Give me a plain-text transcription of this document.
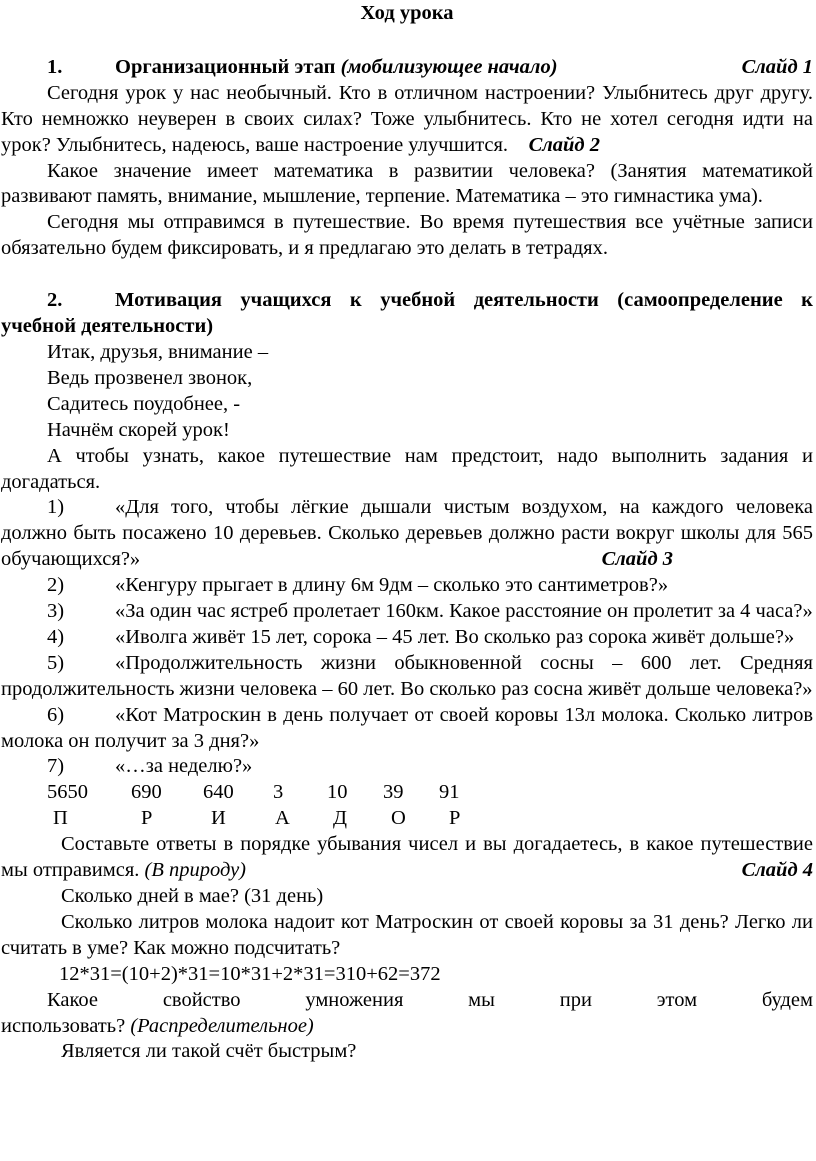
Ход урока
1.	Организационный этап (мобилизующее начало)	Слайд 1

Сегодня урок у нас необычный. Кто в отличном настроении? Улыбнитесь друг другу. Кто немножко неуверен в своих силах? Тоже улыбнитесь. Кто не хотел сегодня идти на урок? Улыбнитесь, надеюсь, ваше настроение улучшится. Слайд 2

Какое значение имеет математика в развитии человека? (Занятия математикой развивают память, внимание, мышление, терпение. Математика – это гимнастика ума).

Сегодня мы отправимся в путешествие. Во время путешествия все учётные записи обязательно будем фиксировать, и я предлагаю это делать в тетрадях.

2.	Мотивация учащихся к учебной деятельности (самоопределение к учебной деятельности)

Итак, друзья, внимание –
Ведь прозвенел звонок,
Садитесь поудобнее, -
Начнём скорей урок!

А чтобы узнать, какое путешествие нам предстоит, надо выполнить задания и догадаться.

1) «Для того, чтобы лёгкие дышали чистым воздухом, на каждого человека должно быть посажено 10 деревьев. Сколько деревьев должно расти вокруг школы для 565 обучающихся?»	Слайд 3

2) «Кенгуру прыгает в длину 6м 9дм – сколько это сантиметров?»

3) «За один час ястреб пролетает 160км. Какое расстояние он пролетит за 4 часа?»

4) «Иволга живёт 15 лет, сорока – 45 лет. Во сколько раз сорока живёт дольше?»

5) «Продолжительность жизни обыкновенной сосны – 600 лет. Средняя продолжительность жизни человека – 60 лет. Во сколько раз сосна живёт дольше человека?»

6) «Кот Матроскин в день получает от своей коровы 13л молока. Сколько литров молока он получит за 3 дня?»

7) «…за неделю?»

5650	690	640	3	10	39	91
П	Р	И	А	Д	О	Р

Составьте ответы в порядке убывания чисел и вы догадаетесь, в какое путешествие мы отправимся. (В природу)	Слайд 4

Сколько дней в мае? (31 день)

Сколько литров молока надоит кот Матроскин от своей коровы за 31 день? Легко ли считать в уме? Как можно подсчитать?

12*31=(10+2)*31=10*31+2*31=310+62=372
Какое	свойство	умножения	мы	при	этом	будем

использовать? (Распределительное)

Является ли такой счёт быстрым?
